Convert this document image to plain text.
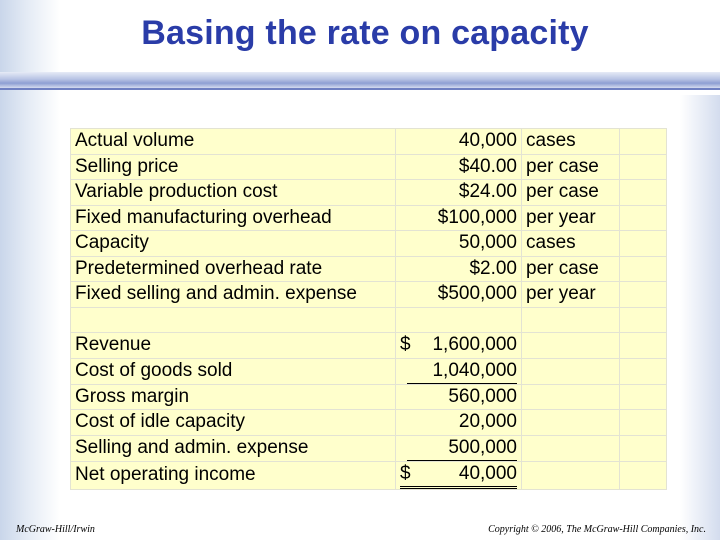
Basing the rate on capacity
Actual volume	40,000	cases	
Selling price	$40.00	per case	
Variable production cost	$24.00	per case	
Fixed manufacturing overhead	$100,000	per year	
Capacity	50,000	cases	
Predetermined overhead rate	$2.00	per case	
Fixed selling and admin. expense	$500,000	per year	

Revenue	$ 1,600,000		

Cost of goods sold	1,040,000		

Gross margin	560,000		
Cost of idle capacity	20,000		
Selling and admin. expense	500,000		

Net operating income	$ 40,000		

McGraw-Hill/Irwin	Copyright © 2006, The McGraw-Hill Companies, Inc.
